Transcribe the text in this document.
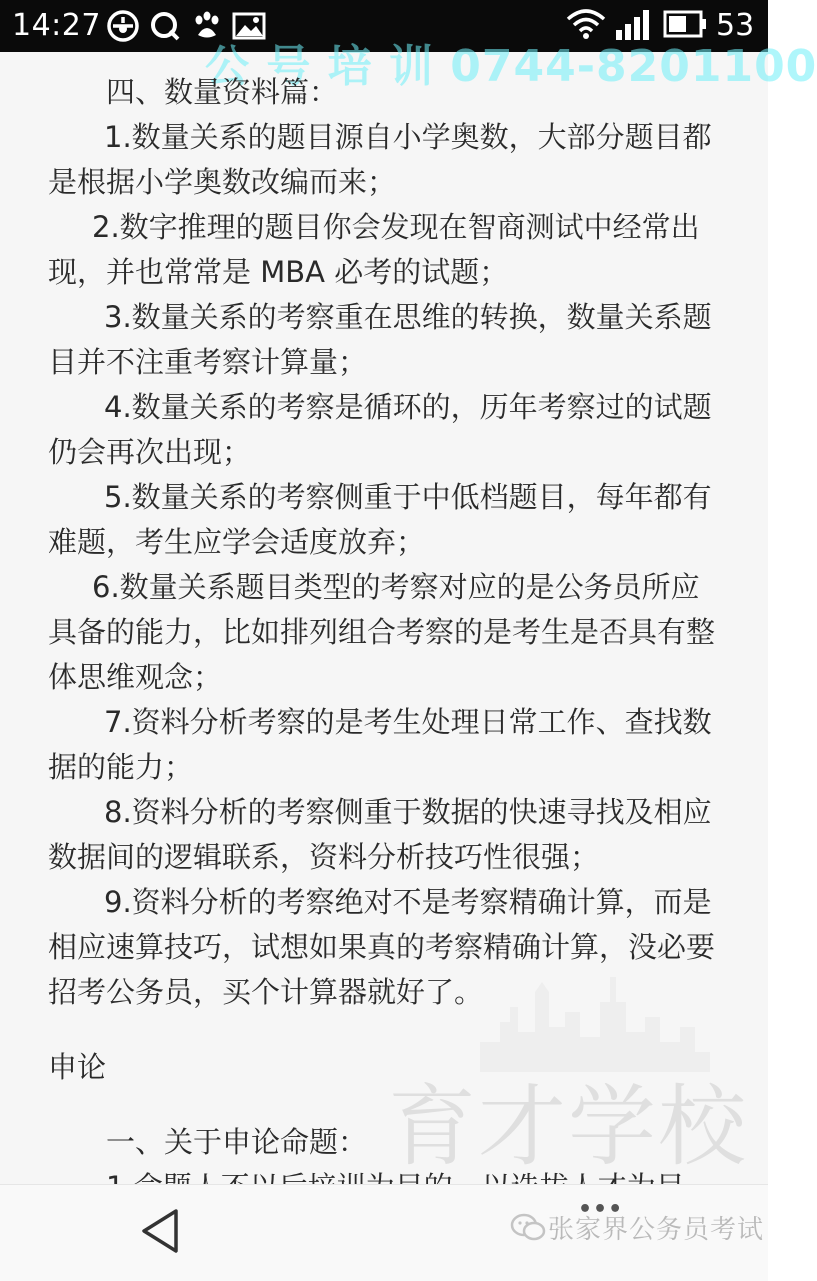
14:27	53
公 号 培 训 0744-8201100
育才学校

四、数量资料篇：

1.数量关系的题目源自小学奥数，大部分题目都是根据小学奥数改编而来；

2.数字推理的题目你会发现在智商测试中经常出现，并也常常是 MBA 必考的试题；

3.数量关系的考察重在思维的转换，数量关系题目并不注重考察计算量；

4.数量关系的考察是循环的，历年考察过的试题仍会再次出现；

5.数量关系的考察侧重于中低档题目，每年都有难题，考生应学会适度放弃；

6.数量关系题目类型的考察对应的是公务员所应具备的能力，比如排列组合考察的是考生是否具有整体思维观念；

7.资料分析考察的是考生处理日常工作、查找数据的能力；

8.资料分析的考察侧重于数据的快速寻找及相应数据间的逻辑联系，资料分析技巧性很强；

9.资料分析的考察绝对不是考察精确计算，而是相应速算技巧，试想如果真的考察精确计算，没必要招考公务员，买个计算器就好了。

申论

一、关于申论命题：

•••
张家界公务员考试
